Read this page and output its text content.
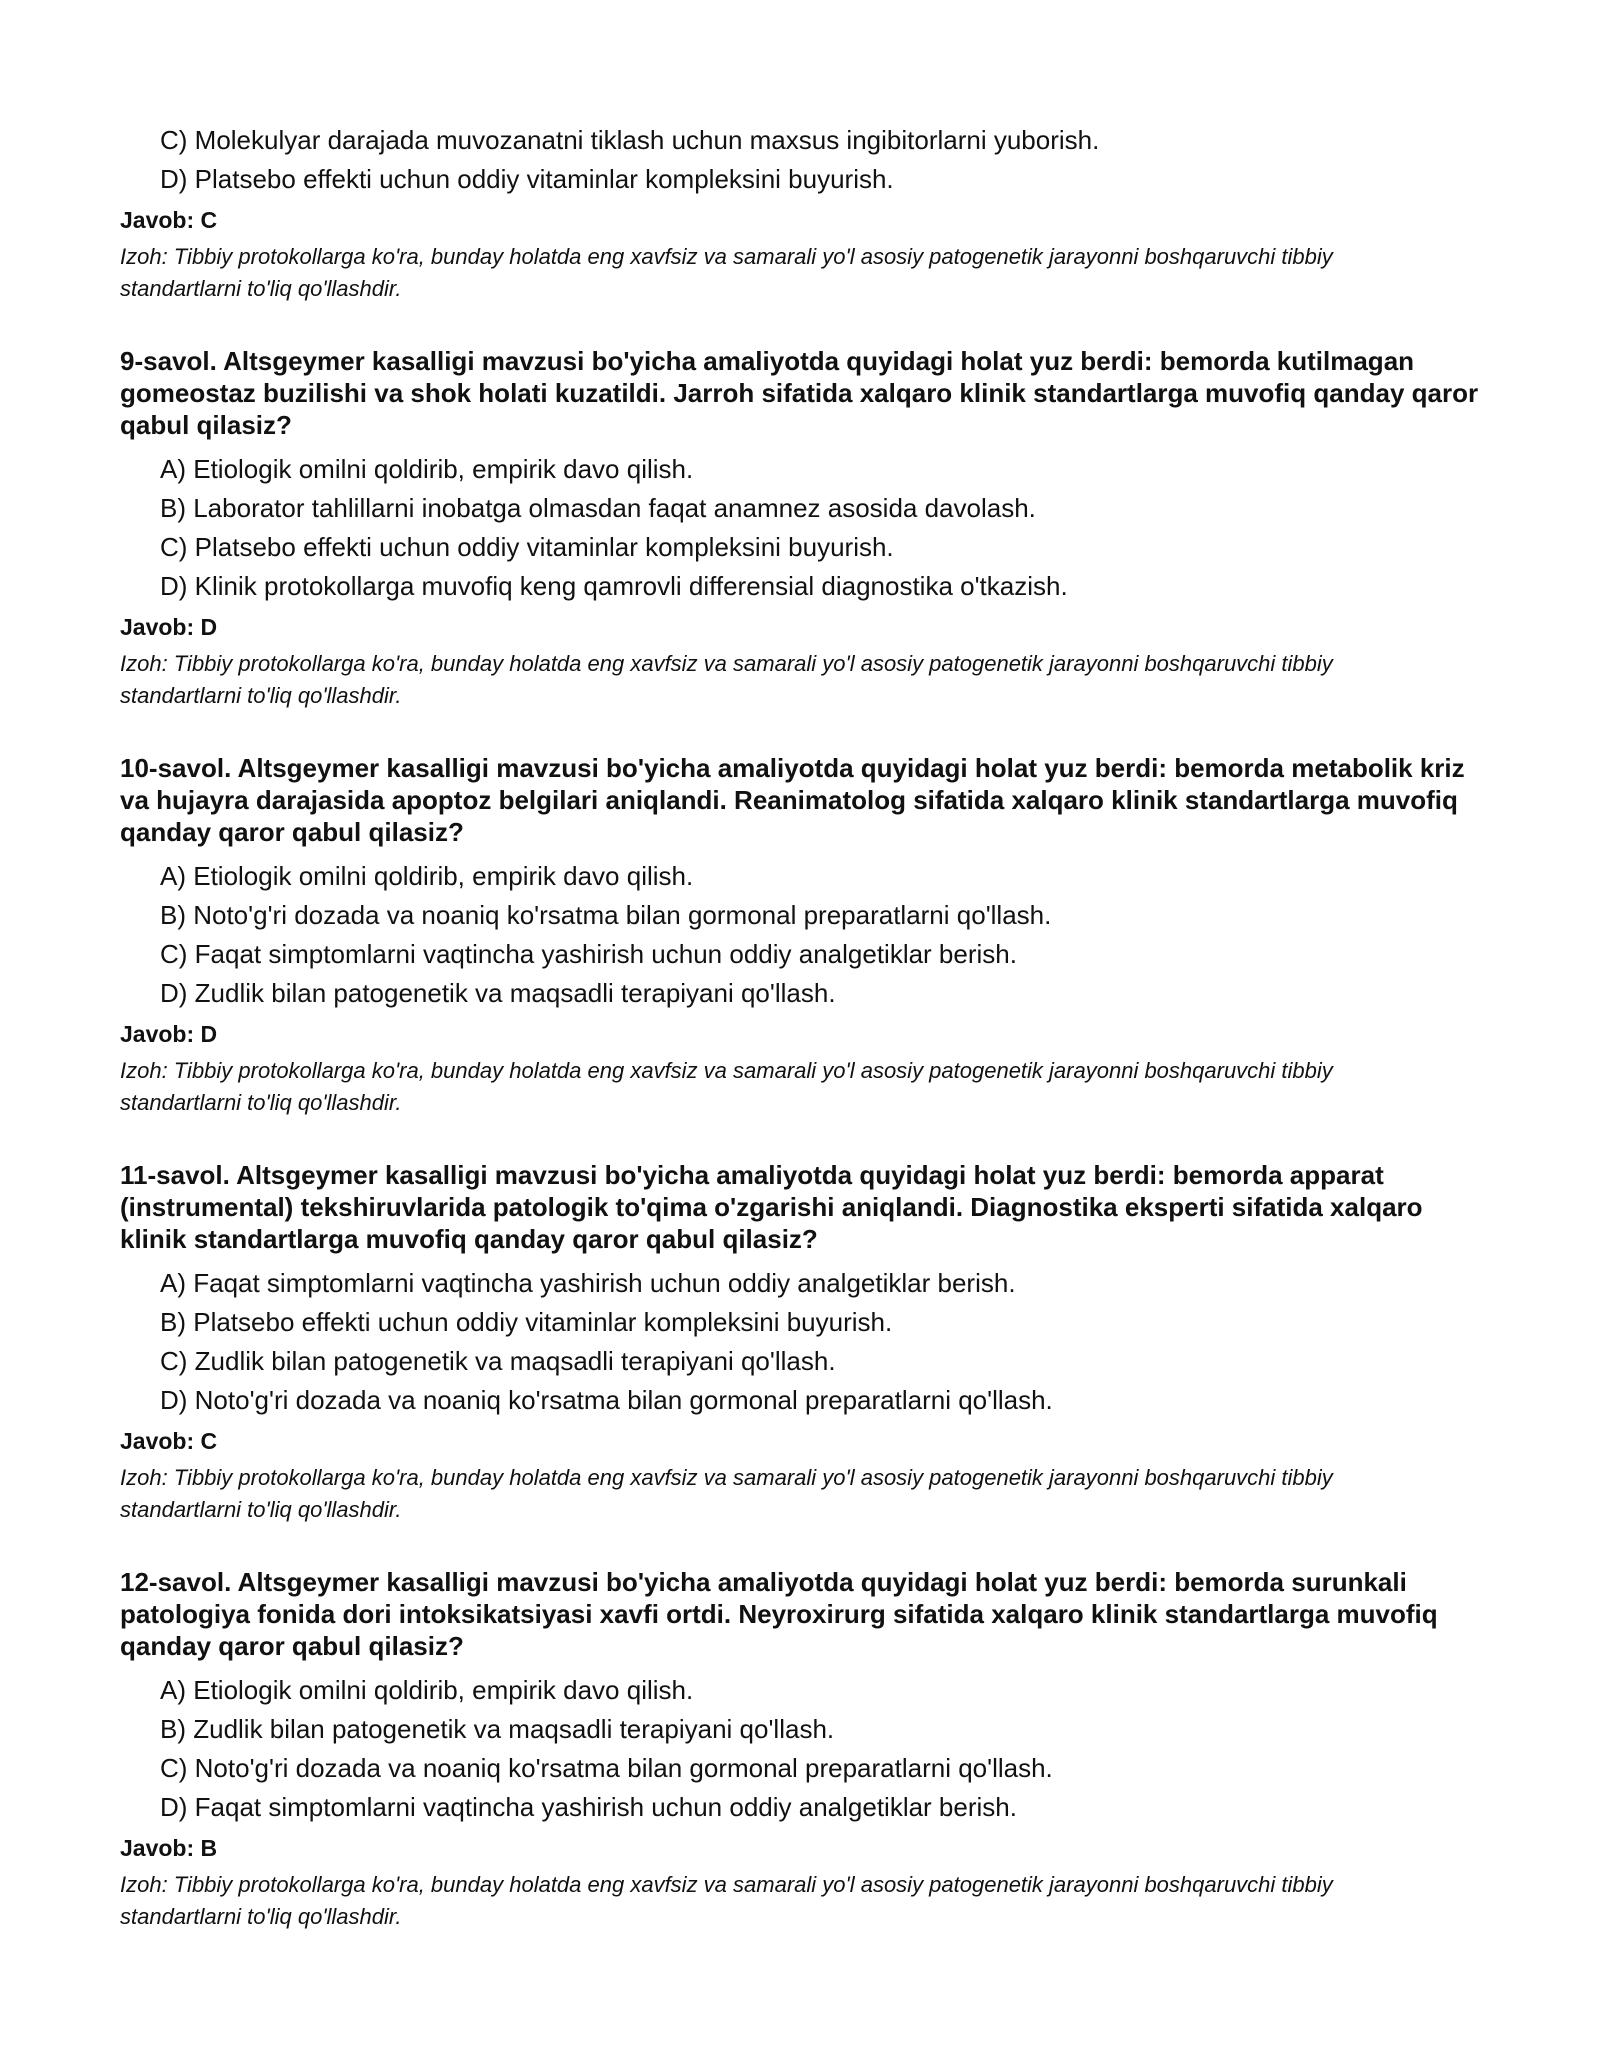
C) Molekulyar darajada muvozanatni tiklash uchun maxsus ingibitorlarni yuborish.
D) Platsebo effekti uchun oddiy vitaminlar kompleksini buyurish.
Javob: C
Izoh: Tibbiy protokollarga ko'ra, bunday holatda eng xavfsiz va samarali yo'l asosiy patogenetik jarayonni boshqaruvchi tibbiy standartlarni to'liq qo'llashdir.
9-savol. Altsgeymer kasalligi mavzusi bo'yicha amaliyotda quyidagi holat yuz berdi: bemorda kutilmagan gomeostaz buzilishi va shok holati kuzatildi. Jarroh sifatida xalqaro klinik standartlarga muvofiq qanday qaror qabul qilasiz?
A) Etiologik omilni qoldirib, empirik davo qilish.
B) Laborator tahlillarni inobatga olmasdan faqat anamnez asosida davolash.
C) Platsebo effekti uchun oddiy vitaminlar kompleksini buyurish.
D) Klinik protokollarga muvofiq keng qamrovli differensial diagnostika o'tkazish.
Javob: D
Izoh: Tibbiy protokollarga ko'ra, bunday holatda eng xavfsiz va samarali yo'l asosiy patogenetik jarayonni boshqaruvchi tibbiy standartlarni to'liq qo'llashdir.
10-savol. Altsgeymer kasalligi mavzusi bo'yicha amaliyotda quyidagi holat yuz berdi: bemorda metabolik kriz va hujayra darajasida apoptoz belgilari aniqlandi. Reanimatolog sifatida xalqaro klinik standartlarga muvofiq qanday qaror qabul qilasiz?
A) Etiologik omilni qoldirib, empirik davo qilish.
B) Noto'g'ri dozada va noaniq ko'rsatma bilan gormonal preparatlarni qo'llash.
C) Faqat simptomlarni vaqtincha yashirish uchun oddiy analgetiklar berish.
D) Zudlik bilan patogenetik va maqsadli terapiyani qo'llash.
Javob: D
Izoh: Tibbiy protokollarga ko'ra, bunday holatda eng xavfsiz va samarali yo'l asosiy patogenetik jarayonni boshqaruvchi tibbiy standartlarni to'liq qo'llashdir.
11-savol. Altsgeymer kasalligi mavzusi bo'yicha amaliyotda quyidagi holat yuz berdi: bemorda apparat (instrumental) tekshiruvlarida patologik to'qima o'zgarishi aniqlandi. Diagnostika eksperti sifatida xalqaro klinik standartlarga muvofiq qanday qaror qabul qilasiz?
A) Faqat simptomlarni vaqtincha yashirish uchun oddiy analgetiklar berish.
B) Platsebo effekti uchun oddiy vitaminlar kompleksini buyurish.
C) Zudlik bilan patogenetik va maqsadli terapiyani qo'llash.
D) Noto'g'ri dozada va noaniq ko'rsatma bilan gormonal preparatlarni qo'llash.
Javob: C
Izoh: Tibbiy protokollarga ko'ra, bunday holatda eng xavfsiz va samarali yo'l asosiy patogenetik jarayonni boshqaruvchi tibbiy standartlarni to'liq qo'llashdir.
12-savol. Altsgeymer kasalligi mavzusi bo'yicha amaliyotda quyidagi holat yuz berdi: bemorda surunkali patologiya fonida dori intoksikatsiyasi xavfi ortdi. Neyroxirurg sifatida xalqaro klinik standartlarga muvofiq qanday qaror qabul qilasiz?
A) Etiologik omilni qoldirib, empirik davo qilish.
B) Zudlik bilan patogenetik va maqsadli terapiyani qo'llash.
C) Noto'g'ri dozada va noaniq ko'rsatma bilan gormonal preparatlarni qo'llash.
D) Faqat simptomlarni vaqtincha yashirish uchun oddiy analgetiklar berish.
Javob: B
Izoh: Tibbiy protokollarga ko'ra, bunday holatda eng xavfsiz va samarali yo'l asosiy patogenetik jarayonni boshqaruvchi tibbiy standartlarni to'liq qo'llashdir.
